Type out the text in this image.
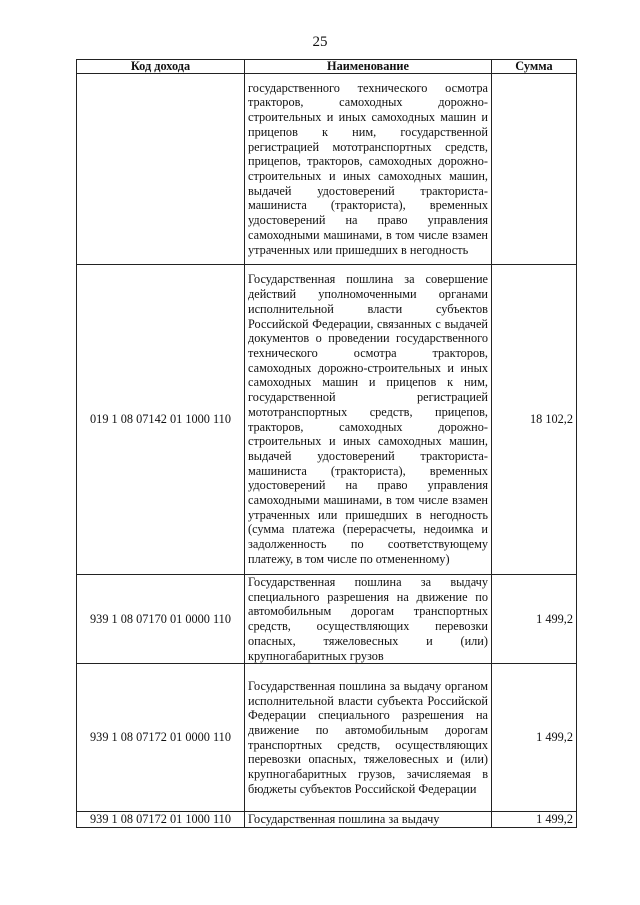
25
Код дохода	Наименование	Сумма
	государственного технического осмотра тракторов, самоходных дорожно-строительных и иных самоходных машин и прицепов к ним, государственной регистрацией мототранспортных средств, прицепов, тракторов, самоходных дорожно-строительных и иных самоходных машин, выдачей удостоверений тракториста-машиниста (тракториста), временных удостоверений на право управления самоходными машинами, в том числе взамен утраченных или пришедших в негодность	
019 1 08 07142 01 1000 110	Государственная пошлина за совершение действий уполномоченными органами исполнительной власти субъектов Российской Федерации, связанных с выдачей документов о проведении государственного технического осмотра тракторов, самоходных дорожно-строительных и иных самоходных машин и прицепов к ним, государственной регистрацией мототранспортных средств, прицепов, тракторов, самоходных дорожно-строительных и иных самоходных машин, выдачей удостоверений тракториста-машиниста (тракториста), временных удостоверений на право управления самоходными машинами, в том числе взамен утраченных или пришедших в негодность (сумма платежа (перерасчеты, недоимка и задолженность по соответствующему платежу, в том числе по отмененному)	18 102,2
939 1 08 07170 01 0000 110	Государственная пошлина за выдачу специального разрешения на движение по автомобильным дорогам транспортных средств, осуществляющих перевозки опасных, тяжеловесных и (или) крупногабаритных грузов	1 499,2
939 1 08 07172 01 0000 110	Государственная пошлина за выдачу органом исполнительной власти субъекта Российской Федерации специального разрешения на движение по автомобильным дорогам транспортных средств, осуществляющих перевозки опасных, тяжеловесных и (или) крупногабаритных грузов, зачисляемая в бюджеты субъектов Российской Федерации	1 499,2
939 1 08 07172 01 1000 110	Государственная пошлина за выдачу	1 499,2
